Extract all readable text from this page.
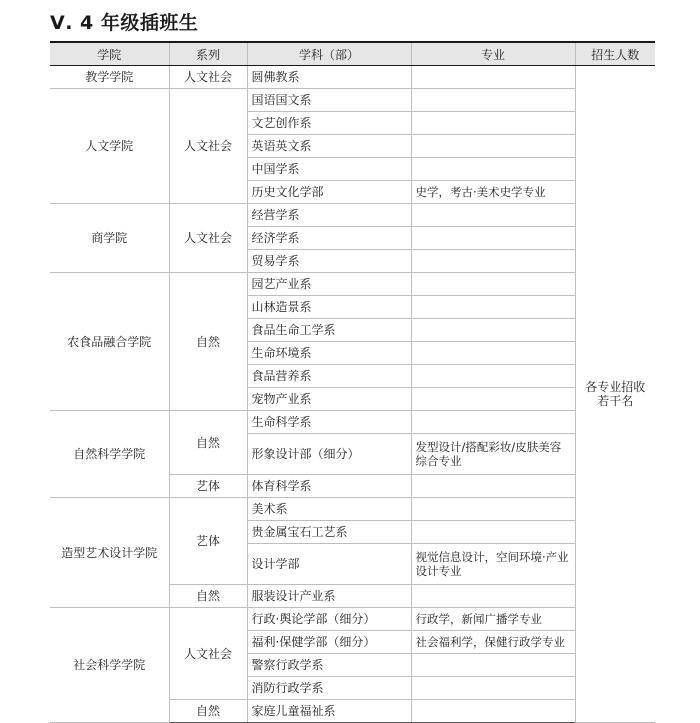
Ⅴ. 4 年级插班生
学院	系列	学科（部）	专业	招生人数
教学学院	人文社会	圆佛教系		各专业招收若干名
人文学院	人文社会	国语国文系		
		文艺创作系		
		英语英文系		
		中国学系		
		历史文化学部	史学，考古·美术史学专业	
商学院	人文社会	经营学系		
		经济学系		
		贸易学系		
农食品融合学院	自然	园艺产业系		
		山林造景系		
		食品生命工学系		
		生命环境系		
		食品营养系		
		宠物产业系		
自然科学学院	自然	生命科学系		
		形象设计部（细分）	发型设计/搭配彩妆/皮肤美容综合专业	
	艺体	体育科学系		
造型艺术设计学院	艺体	美术系		
		贵金属宝石工艺系		
		设计学部	视觉信息设计，空间环境·产业设计专业	
	自然	服装设计产业系		
社会科学学院	人文社会	行政·舆论学部（细分）	行政学，新闻广播学专业	
		福利·保健学部（细分）	社会福利学，保健行政学专业	
		警察行政学系		
		消防行政学系		
	自然	家庭儿童福祉系		
